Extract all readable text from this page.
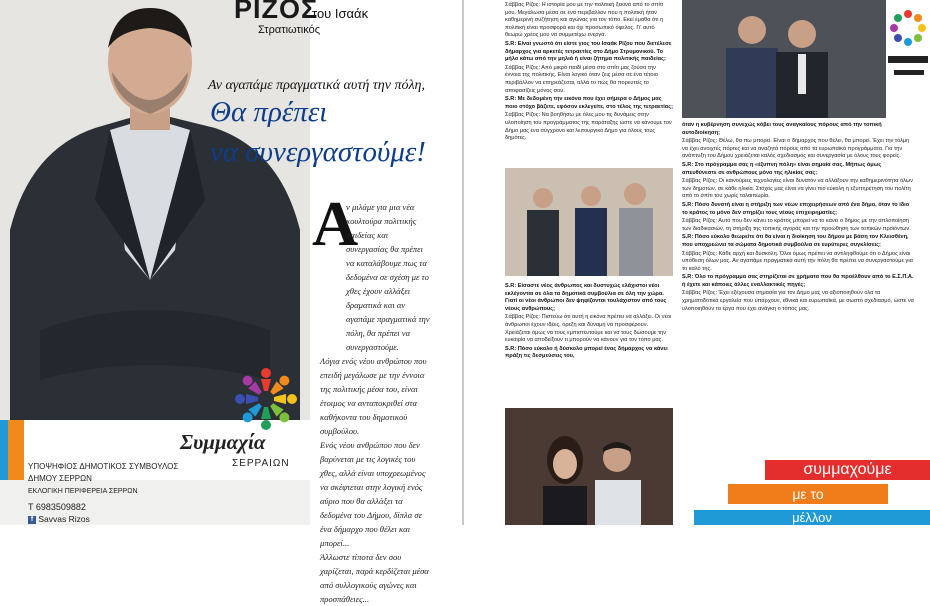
ΡΙΖΟΣ
του Ισαάκ
Στρατιωτικός
Αν αγαπάμε πραγματικά αυτή την πόλη,
Θα πρέπει
να συνεργαστούμε!
Α

ν μιλάμε για μια νέα κουλτούρα πολιτικής παιδείας και συνεργασίας θα πρέπει να καταλάβουμε πως τα δεδομένα σε σχέση με το χθες έχουν αλλάξει δραματικά και αν αγαπάμε πραγματικά την πόλη, θα πρέπει να συνεργαστούμε.

Λόγια ενός νέου ανθρώπου που επειδή μεγάλωσε με την έννοια της πολιτικής μέσα του, είναι έτοιμος να ανταποκριθεί στα καθήκοντα του δημοτικού συμβούλου.

Ενός νέου ανθρώπου που δεν βαρύνεται με τις λογικές του χθες, αλλά είναι υποχρεωμένος να σκέφτεται στην λογική ενός αύριο που θα αλλάξει τα δεδομένα του Δήμου, δίπλα σε ένα δήμαρχο που θέλει και μπορεί...

Άλλωστε τίποτα δεν σου χαρίζεται, παρά κερδίζεται μέσα από συλλογικούς αγώνες και προσπάθειες...

Συμμαχία
ΣΕΡΡΑΙΩΝ
ΥΠΟΨΗΦΙΟΣ ΔΗΜΟΤΙΚΟΣ ΣΥΜΒΟΥΛΟΣ
ΔΗΜΟΥ ΣΕΡΡΩΝ
ΕΚΛΟΓΙΚΗ ΠΕΡΙΦΕΡΕΙΑ ΣΕΡΡΩΝ
Τ 6983509882
f Savvas Rizos

Σάββας Ρίζος: Η ιστορία μου με την πολιτική ξεκινά από το σπίτι μου. Μεγάλωσα μέσα σε ένα περιβάλλον που η πολιτική ήταν καθημερινή συζήτηση και αγώνας για τον τόπο. Εκεί έμαθα ότι η πολιτική είναι προσφορά και όχι προσωπικό όφελος. Γι' αυτό θεωρώ χρέος μου να συμμετέχω ενεργά.

S.R: Είναι γνωστό ότι είστε γιος του Ισαάκ Ρίζου που διετέλεσε δήμαρχος για αρκετές τετραετίες στο Δήμο Στρυμονικού. Το μήλο κάτω από την μηλιά ή είναι ζήτημα πολιτικής παιδείας;

Σάββας Ρίζος: Από μικρό παιδί μέσα στο σπίτι μας ζούσα την έννοια της πολιτικής. Είναι λογικό όταν ζεις μέσα σε ένα τέτοιο περιβάλλον να επηρεάζεσαι, αλλά το πώς θα πορευτείς το αποφασίζεις μόνος σου.

S.R: Με δεδομένη την εικόνα που έχει σήμερα ο Δήμος μας ποιο στόχο βάζετε, εφόσον εκλεγείτε, στο τέλος της τετραετίας;

Σάββας Ρίζος: Να βοηθήσω με όλες μου τις δυνάμεις στην υλοποίηση του προγράμματος της παράταξης ώστε να κάνουμε τον Δήμο μας ένα σύγχρονο και λειτουργικό Δήμο για όλους τους δημότες.

S.R: Είσαστε νέος άνθρωπος και δυστυχώς ελάχιστοι νέοι εκλέγονται σε όλα τα δημοτικά συμβούλια σε όλη την χώρα. Γιατί οι νέοι άνθρωποι δεν ψηφίζονται τουλάχιστον από τους νέους ανθρώπους;

Σάββας Ρίζος: Πιστεύω ότι αυτή η εικόνα πρέπει να αλλάξει. Οι νέοι άνθρωποι έχουν ιδέες, όρεξη και δύναμη να προσφέρουν. Χρειάζεται όμως να τους εμπιστευτούμε και να τους δώσουμε την ευκαιρία να αποδείξουν τι μπορούν να κάνουν για τον τόπο μας.

S.R: Πόσο εύκολο ή δύσκολο μπορεί ένας δήμαρχος να κάνει πράξη τις δεσμεύσεις του,

όταν η κυβέρνηση συνεχώς κόβει τους αναγκαίους πόρους από την τοπική αυτοδιοίκηση;

Σάββας Ρίζος: Θέλω, θα πω μπορεί. Είναι ο δήμαρχος που θέλει, θα μπορεί. Έχει την τόλμη να έχει ανοιχτές πόρτες και να αναζητά πόρους από τα ευρωπαϊκά προγράμματα. Για την ανάπτυξη του Δήμου χρειάζεται καλός σχεδιασμός και συνεργασία με όλους τους φορείς.

S.R: Στο πρόγραμμα σας η «έξυπνη πόλη» είναι σημαία σας. Μήπως όμως απευθύνεστε σε ανθρώπους μόνο της ηλικίας σας;

Σάββας Ρίζος: Οι καινούριες τεχνολογίες είναι δυνατόν να αλλάξουν την καθημερινότητα όλων των δημοτών, σε κάθε ηλικία. Στόχος μας είναι να γίνει πιο εύκολη η εξυπηρέτηση του πολίτη από το σπίτι του χωρίς ταλαιπωρία.

S.R: Πόσο δυνατή είναι η στήριξη των νέων επιχειρήσεων από ένα δήμο, όταν το ίδιο το κράτος το μόνο δεν στηρίζει τους νέους επιχειρηματίες;

Σάββας Ρίζος: Αυτό που δεν κάνει το κράτος μπορεί να το κάνει ο δήμος με την απλοποίηση των διαδικασιών, τη στήριξη της τοπικής αγοράς και την προώθηση των τοπικών προϊόντων.

S.R: Πόσο εύκολο θεωρείτε ότι θα είναι η διοίκηση του δήμου με βάση τον Κλεισθένη, που υποχρεώνει τα σώματα δημοτικά συμβούλια σε ευρύτερες συγκλίσεις;

Σάββας Ρίζος: Κάθε αρχή και δύσκολη. Όλοι όμως πρέπει να αντιληφθούμε ότι ο Δήμος είναι υπόθεση όλων μας. Αν αγαπάμε πραγματικά αυτή την πόλη θα πρέπει να συνεργαστούμε για το καλό της.

S.R: Όλο το πρόγραμμα σας στηρίζεται σε χρήματα που θα προέλθουν από το Ε.Σ.Π.Α. ή έχετε και κάποιες άλλες εναλλακτικές πηγές;

Σάββας Ρίζος: Έχει εξέχουσα σημασία για τον Δήμο μας να αξιοποιηθούν όλα τα χρηματοδοτικά εργαλεία που υπάρχουν, εθνικά και ευρωπαϊκά, με σωστό σχεδιασμό, ώστε να υλοποιηθούν τα έργα που έχει ανάγκη ο τόπος μας.

συμμαχούμε
με το
μέλλον
